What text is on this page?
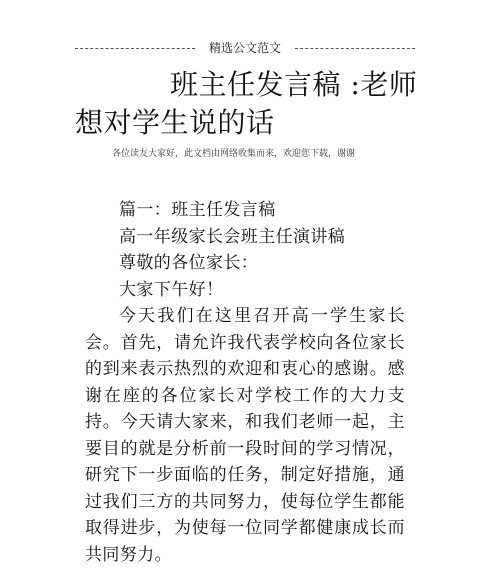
精选公文范文
班主任发言稿 :老师
想对学生说的话
各位读友大家好，此文档由网络收集而来，欢迎您下载，谢谢
篇一：班主任发言稿
高一年级家长会班主任演讲稿
尊敬的各位家长：
大家下午好！

今天我们在这里召开高一学生家长会。首先，请允许我代表学校向各位家长的到来表示热烈的欢迎和衷心的感谢。感谢在座的各位家长对学校工作的大力支持。今天请大家来，和我们老师一起，主要目的就是分析前一段时间的学习情况，研究下一步面临的任务，制定好措施，通过我们三方的共同努力，使每位学生都能取得进步，为使每一位同学都健康成长而共同努力。
